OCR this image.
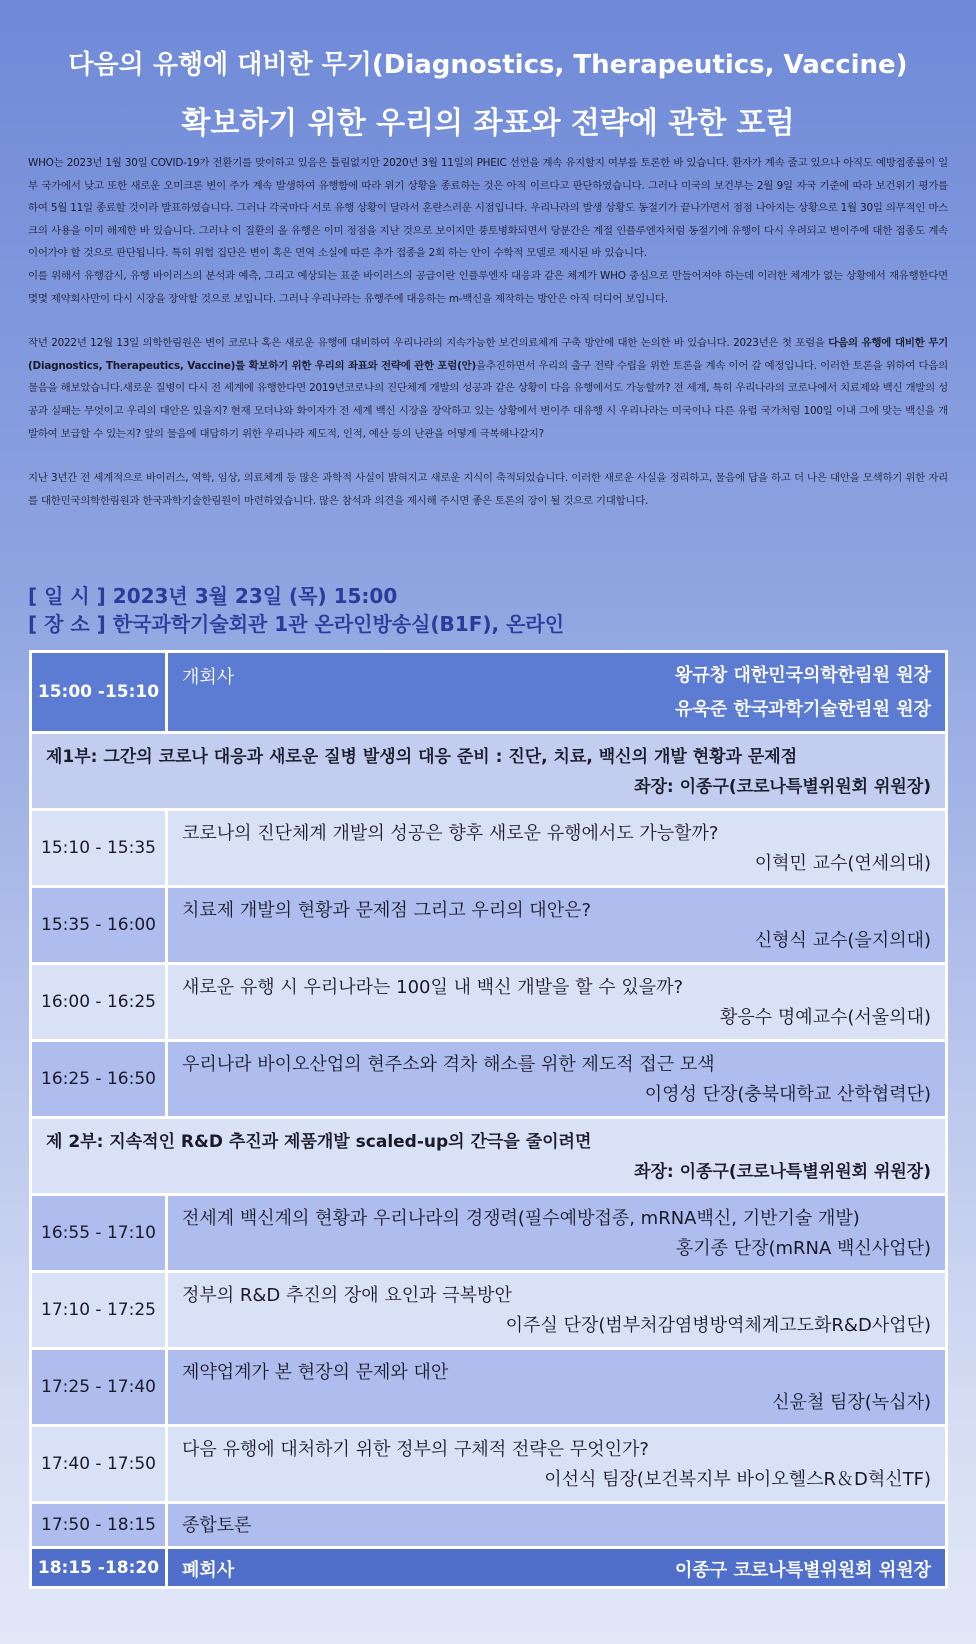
다음의 유행에 대비한 무기(Diagnostics, Therapeutics, Vaccine)
확보하기 위한 우리의 좌표와 전략에 관한 포럼

WHO는 2023년 1월 30일 COVID-19가 전환기를 맞이하고 있음은 틀림없지만 2020년 3월 11일의 PHEIC 선언을 계속 유지할지 여부를 토론한 바 있습니다. 환자가 계속 줄고 있으나 아직도 예방접종률이 일부 국가에서 낮고 또한 새로운 오미크론 변이 주가 계속 발생하여 유행함에 따라 위기 상황을 종료하는 것은 아직 이르다고 판단하였습니다. 그러나 미국의 보건부는 2월 9일 자국 기준에 따라 보건위기 평가를 하여 5월 11일 종료할 것이라 발표하였습니다. 그러나 각국마다 서로 유행 상황이 달라서 혼란스러운 시점입니다. 우리나라의 발생 상황도 동절기가 끝나가면서 점점 나아지는 상황으로 1월 30일 의무적인 마스크의 사용을 이미 해제한 바 있습니다. 그러나 이 질환의 올 유행은 이미 정점을 지난 것으로 보이지만 풍토병화되면서 당분간은 계절 인플루엔자처럼 동절기에 유행이 다시 우려되고 변이주에 대한 접종도 계속 이어가야 할 것으로 판단됩니다. 특히 위험 집단은 변이 혹은 면역 소실에 따른 추가 접종을 2회 하는 안이 수학적 모델로 제시된 바 있습니다.

이를 위해서 유행감시, 유행 바이러스의 분석과 예측, 그리고 예상되는 표준 바이러스의 공급이란 인플루엔자 대응과 같은 체계가 WHO 중심으로 만들어져야 하는데 이러한 체계가 없는 상황에서 재유행한다면 몇몇 제약회사만이 다시 시장을 장악할 것으로 보입니다. 그러나 우리나라는 유행주에 대응하는 m-백신을 제작하는 방안은 아직 더디어 보입니다.

작년 2022년 12월 13일 의학한림원은 변이 코로나 혹은 새로운 유행에 대비하여 우리나라의 지속가능한 보건의료체계 구축 방안에 대한 논의한 바 있습니다. 2023년은 첫 포럼을 다음의 유행에 대비한 무기(Diagnostics, Therapeutics, Vaccine)를 확보하기 위한 우리의 좌표와 전략에 관한 포럼(안)을추진하면서 우리의 출구 전략 수립을 위한 토론을 계속 이어 갈 예정입니다. 이러한 토론을 위하여 다음의 물음을 해보았습니다.새로운 질병이 다시 전 세계에 유행한다면 2019년코로나의 진단체계 개발의 성공과 같은 상황이 다음 유행에서도 가능할까? 전 세계, 특히 우리나라의 코로나에서 치료제와 백신 개발의 성공과 실패는 무엇이고 우리의 대안은 있을지? 현재 모더나와 화이자가 전 세계 백신 시장을 장악하고 있는 상황에서 변이주 대유행 시 우리나라는 미국이나 다른 유럽 국가처럼 100일 이내 그에 맞는 백신을 개발하여 보급할 수 있는지? 앞의 물음에 대답하기 위한 우리나라 제도적, 인적, 예산 등의 난관을 어떻게 극복해나갈지?

지난 3년간 전 세계적으로 바이러스, 역학, 임상, 의료체계 등 많은 과학적 사실이 밝혀지고 새로운 지식이 축적되었습니다. 이러한 새로운 사실을 정리하고, 물음에 답을 하고 더 나은 대안을 모색하기 위한 자리를 대한민국의학한림원과 한국과학기술한림원이 마련하였습니다. 많은 참석과 의견을 제시해 주시면 좋은 토론의 장이 될 것으로 기대합니다.

[ 일 시 ] 2023년 3월 23일 (목) 15:00
[ 장 소 ] 한국과학기술회관 1관 온라인방송실(B1F), 온라인
15:00 -15:10	개회사 왕규창 대한민국의학한림원 원장
유욱준 한국과학기술한림원 원장

제1부: 그간의 코로나 대응과 새로운 질병 발생의 대응 준비 : 진단, 치료, 백신의 개발 현황과 문제점
좌장: 이종구(코로나특별위원회 위원장)	

15:10 - 15:35	코로나의 진단체계 개발의 성공은 향후 새로운 유행에서도 가능할까?
이혁민 교수(연세의대)

15:35 - 16:00	치료제 개발의 현황과 문제점 그리고 우리의 대안은?
신형식 교수(을지의대)

16:00 - 16:25	새로운 유행 시 우리나라는 100일 내 백신 개발을 할 수 있을까?
황응수 명예교수(서울의대)

16:25 - 16:50	우리나라 바이오산업의 현주소와 격차 해소를 위한 제도적 접근 모색
이영성 단장(충북대학교 산학협력단)

제 2부: 지속적인 R&D 추진과 제품개발 scaled-up의 간극을 줄이려면
좌장: 이종구(코로나특별위원회 위원장)	

16:55 - 17:10	전세계 백신계의 현황과 우리나라의 경쟁력(필수예방접종, mRNA백신, 기반기술 개발)
홍기종 단장(mRNA 백신사업단)

17:10 - 17:25	정부의 R&D 추진의 장애 요인과 극복방안
이주실 단장(범부처감염병방역체계고도화R&D사업단)

17:25 - 17:40	제약업계가 본 현장의 문제와 대안
신윤철 팀장(녹십자)

17:40 - 17:50	다음 유행에 대처하기 위한 정부의 구체적 전략은 무엇인가?
이선식 팀장(보건복지부 바이오헬스R＆D혁신TF)

17:50 - 18:15	종합토론

18:15 -18:20	폐회사 이종구 코로나특별위원회 위원장
